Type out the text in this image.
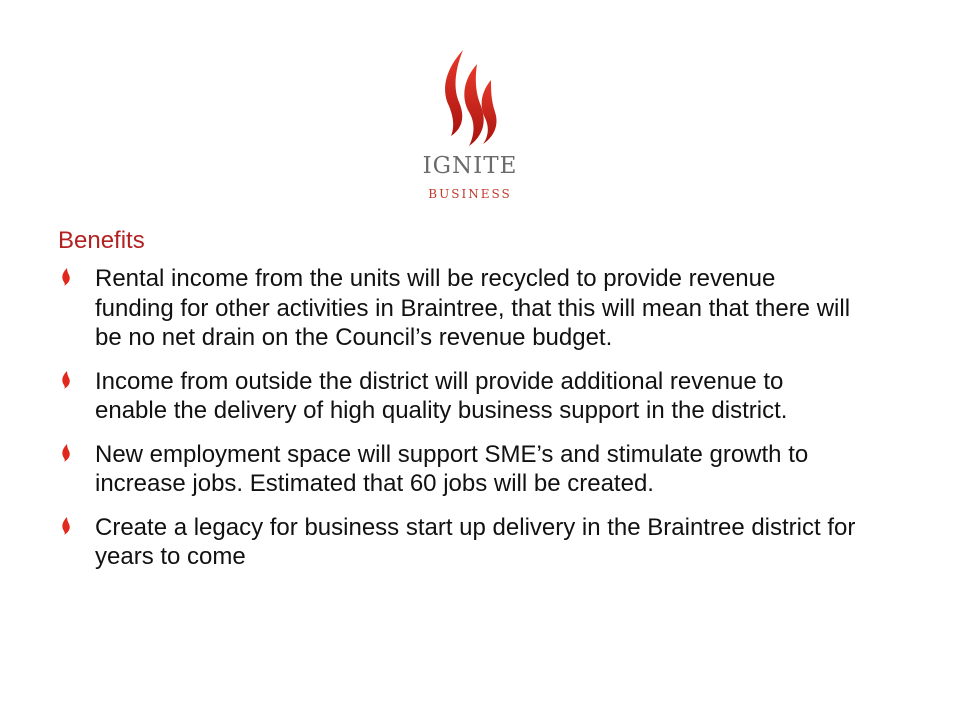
IGNITE
BUSINESS
Benefits
Rental income from the units will be recycled to provide revenue funding for other activities in Braintree, that this will mean that there will be no net drain on the Council’s revenue budget.
Income from outside the district will provide additional revenue to enable the delivery of high quality business support in the district.
New employment space will support SME’s and stimulate growth to increase jobs. Estimated that 60 jobs will be created.
Create a legacy for business start up delivery in the Braintree district for years to come
